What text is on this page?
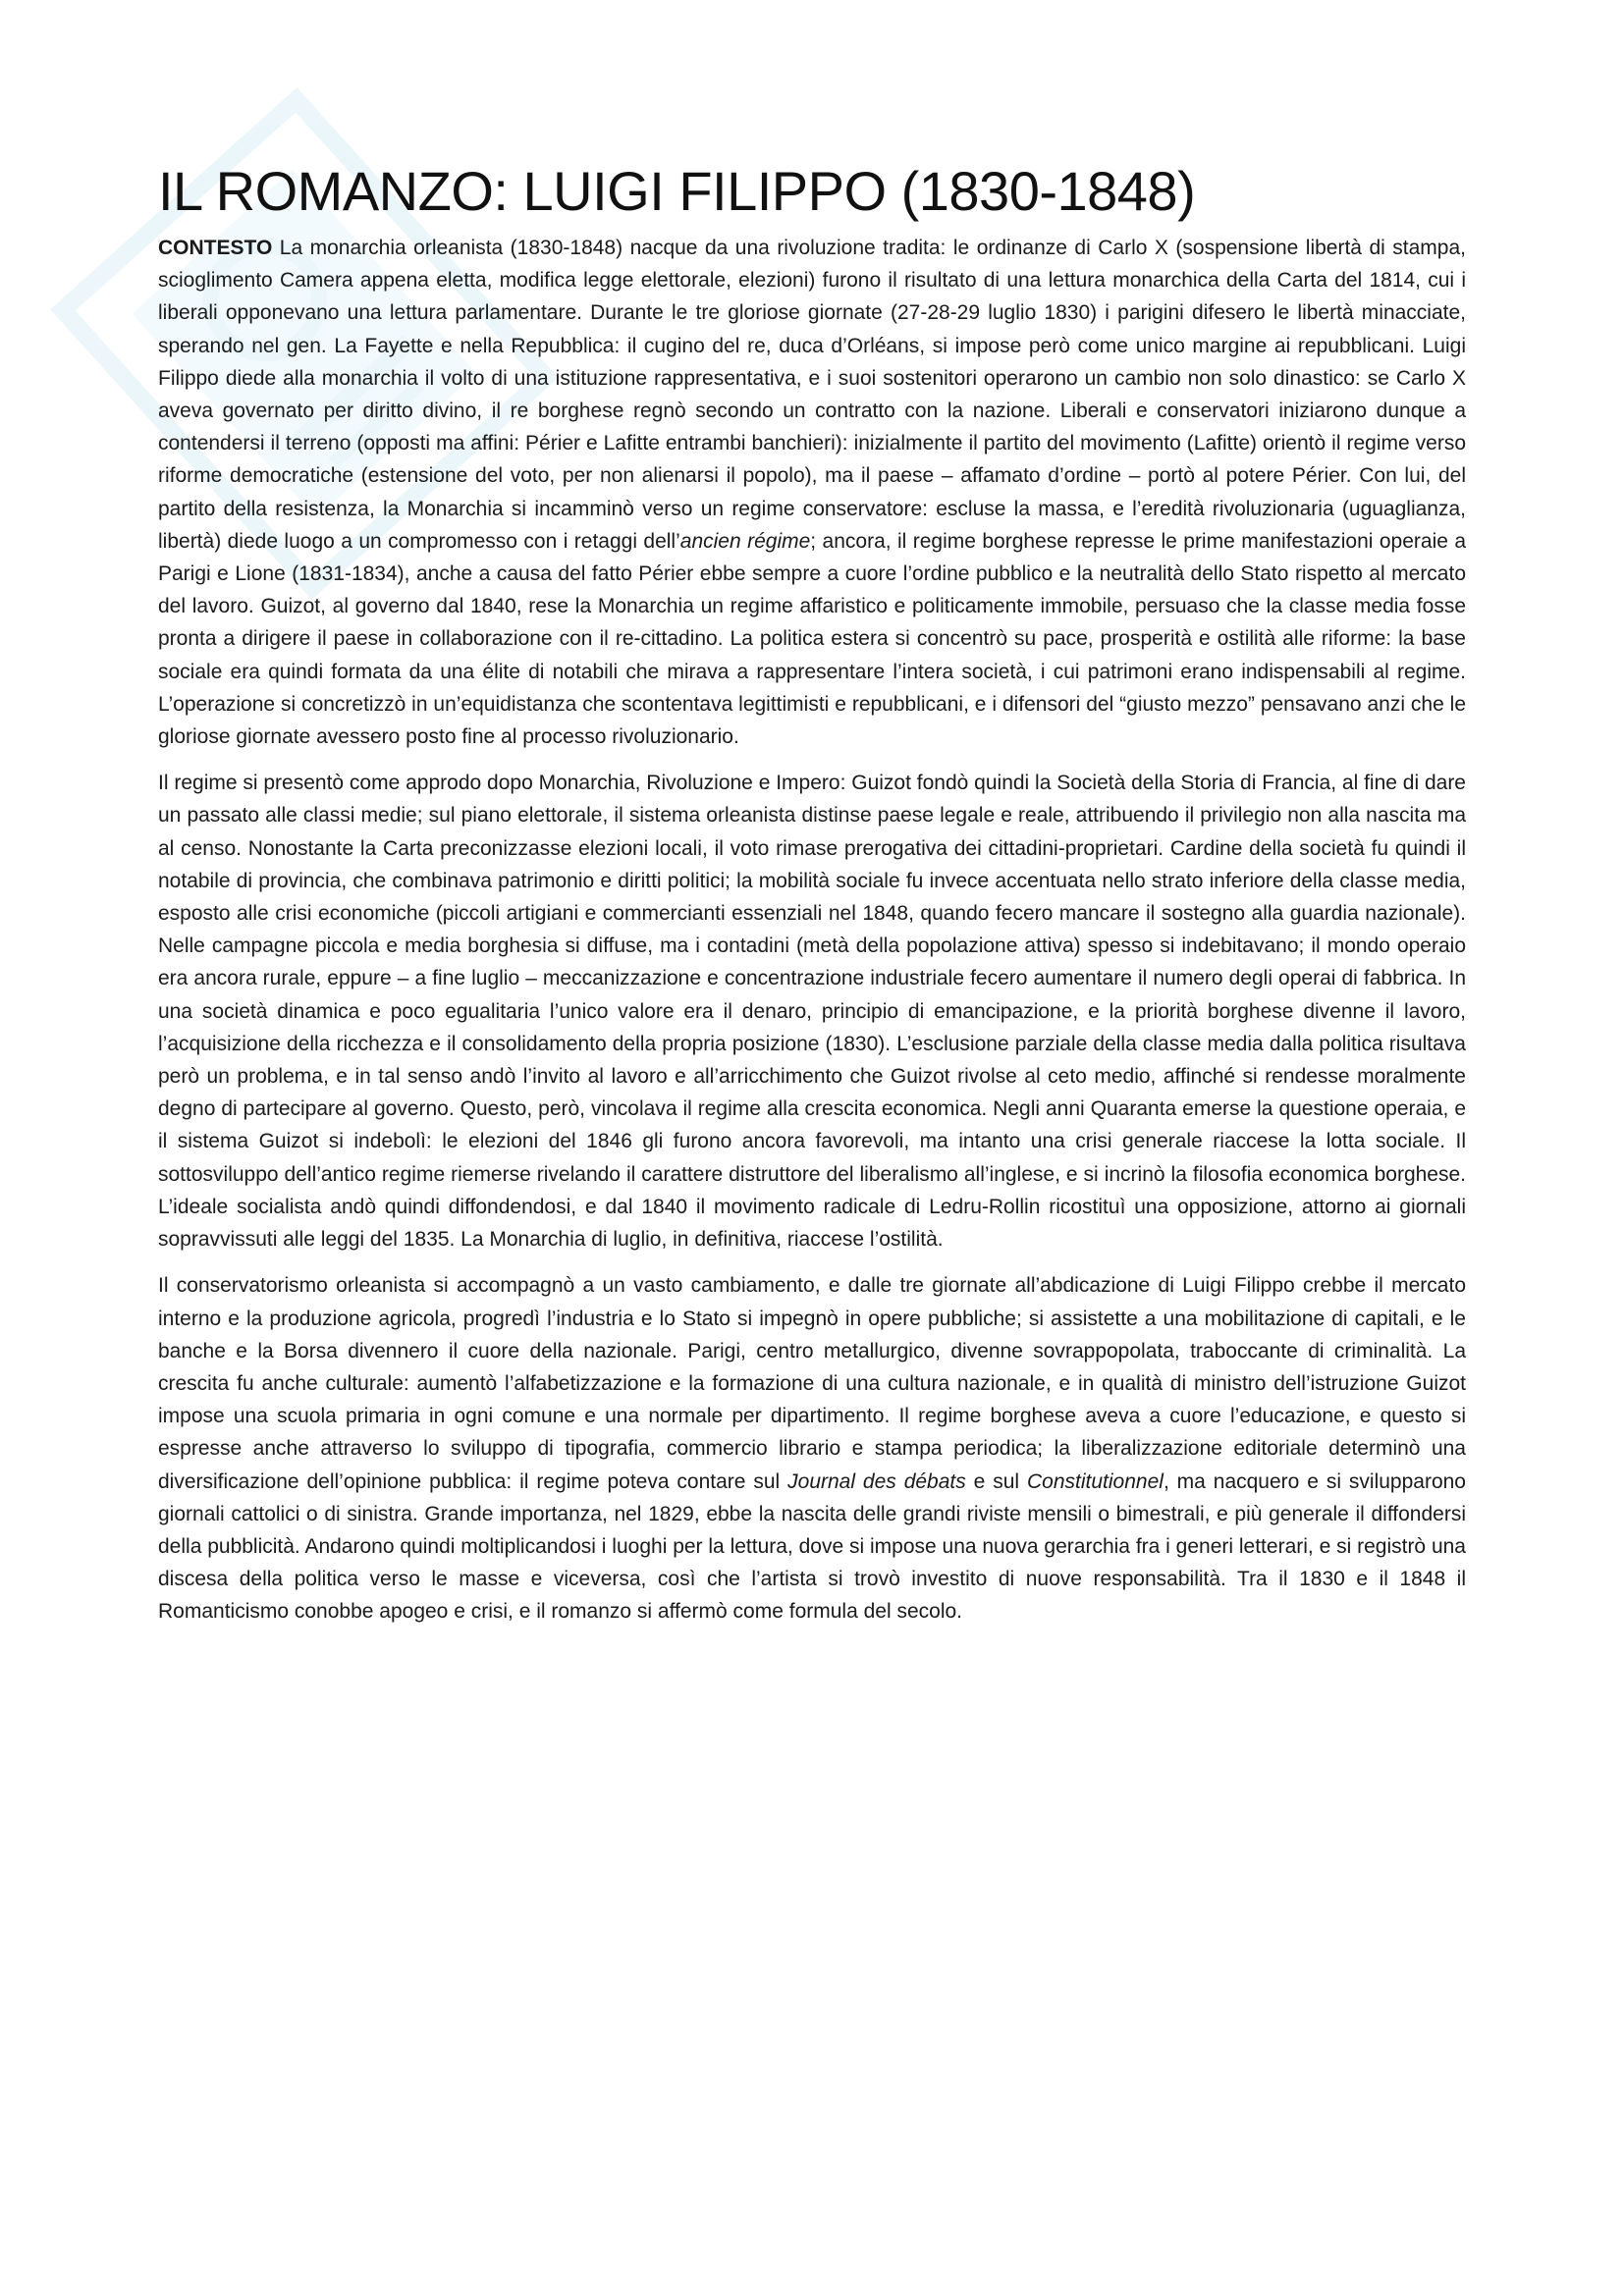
IL ROMANZO: LUIGI FILIPPO (1830-1848)

CONTESTO La monarchia orleanista (1830-1848) nacque da una rivoluzione tradita: le ordinanze di Carlo X (sospensione libertà di stampa, scioglimento Camera appena eletta, modifica legge elettorale, elezioni) furono il risultato di una lettura monarchica della Carta del 1814, cui i liberali opponevano una lettura parlamentare. Durante le tre gloriose giornate (27-28-29 luglio 1830) i parigini difesero le libertà minacciate, sperando nel gen. La Fayette e nella Repubblica: il cugino del re, duca d’Orléans, si impose però come unico margine ai repubblicani. Luigi Filippo diede alla monarchia il volto di una istituzione rappresentativa, e i suoi sostenitori operarono un cambio non solo dinastico: se Carlo X aveva governato per diritto divino, il re borghese regnò secondo un contratto con la nazione. Liberali e conservatori iniziarono dunque a contendersi il terreno (opposti ma affini: Périer e Lafitte entrambi banchieri): inizialmente il partito del movimento (Lafitte) orientò il regime verso riforme democratiche (estensione del voto, per non alienarsi il popolo), ma il paese – affamato d’ordine – portò al potere Périer. Con lui, del partito della resistenza, la Monarchia si incamminò verso un regime conservatore: escluse la massa, e l’eredità rivoluzionaria (uguaglianza, libertà) diede luogo a un compromesso con i retaggi dell’ancien régime; ancora, il regime borghese represse le prime manifestazioni operaie a Parigi e Lione (1831-1834), anche a causa del fatto Périer ebbe sempre a cuore l’ordine pubblico e la neutralità dello Stato rispetto al mercato del lavoro. Guizot, al governo dal 1840, rese la Monarchia un regime affaristico e politicamente immobile, persuaso che la classe media fosse pronta a dirigere il paese in collaborazione con il re-cittadino. La politica estera si concentrò su pace, prosperità e ostilità alle riforme: la base sociale era quindi formata da una élite di notabili che mirava a rappresentare l’intera società, i cui patrimoni erano indispensabili al regime. L’operazione si concretizzò in un’equidistanza che scontentava legittimisti e repubblicani, e i difensori del “giusto mezzo” pensavano anzi che le gloriose giornate avessero posto fine al processo rivoluzionario.

Il regime si presentò come approdo dopo Monarchia, Rivoluzione e Impero: Guizot fondò quindi la Società della Storia di Francia, al fine di dare un passato alle classi medie; sul piano elettorale, il sistema orleanista distinse paese legale e reale, attribuendo il privilegio non alla nascita ma al censo. Nonostante la Carta preconizzasse elezioni locali, il voto rimase prerogativa dei cittadini-proprietari. Cardine della società fu quindi il notabile di provincia, che combinava patrimonio e diritti politici; la mobilità sociale fu invece accentuata nello strato inferiore della classe media, esposto alle crisi economiche (piccoli artigiani e commercianti essenziali nel 1848, quando fecero mancare il sostegno alla guardia nazionale). Nelle campagne piccola e media borghesia si diffuse, ma i contadini (metà della popolazione attiva) spesso si indebitavano; il mondo operaio era ancora rurale, eppure – a fine luglio – meccanizzazione e concentrazione industriale fecero aumentare il numero degli operai di fabbrica. In una società dinamica e poco egualitaria l’unico valore era il denaro, principio di emancipazione, e la priorità borghese divenne il lavoro, l’acquisizione della ricchezza e il consolidamento della propria posizione (1830). L’esclusione parziale della classe media dalla politica risultava però un problema, e in tal senso andò l’invito al lavoro e all’arricchimento che Guizot rivolse al ceto medio, affinché si rendesse moralmente degno di partecipare al governo. Questo, però, vincolava il regime alla crescita economica. Negli anni Quaranta emerse la questione operaia, e il sistema Guizot si indebolì: le elezioni del 1846 gli furono ancora favorevoli, ma intanto una crisi generale riaccese la lotta sociale. Il sottosviluppo dell’antico regime riemerse rivelando il carattere distruttore del liberalismo all’inglese, e si incrinò la filosofia economica borghese. L’ideale socialista andò quindi diffondendosi, e dal 1840 il movimento radicale di Ledru-Rollin ricostituì una opposizione, attorno ai giornali sopravvissuti alle leggi del 1835. La Monarchia di luglio, in definitiva, riaccese l’ostilità.

Il conservatorismo orleanista si accompagnò a un vasto cambiamento, e dalle tre giornate all’abdicazione di Luigi Filippo crebbe il mercato interno e la produzione agricola, progredì l’industria e lo Stato si impegnò in opere pubbliche; si assistette a una mobilitazione di capitali, e le banche e la Borsa divennero il cuore della nazionale. Parigi, centro metallurgico, divenne sovrappopolata, traboccante di criminalità. La crescita fu anche culturale: aumentò l’alfabetizzazione e la formazione di una cultura nazionale, e in qualità di ministro dell’istruzione Guizot impose una scuola primaria in ogni comune e una normale per dipartimento. Il regime borghese aveva a cuore l’educazione, e questo si espresse anche attraverso lo sviluppo di tipografia, commercio librario e stampa periodica; la liberalizzazione editoriale determinò una diversificazione dell’opinione pubblica: il regime poteva contare sul Journal des débats e sul Constitutionnel, ma nacquero e si svilupparono giornali cattolici o di sinistra. Grande importanza, nel 1829, ebbe la nascita delle grandi riviste mensili o bimestrali, e più generale il diffondersi della pubblicità. Andarono quindi moltiplicandosi i luoghi per la lettura, dove si impose una nuova gerarchia fra i generi letterari, e si registrò una discesa della politica verso le masse e viceversa, così che l’artista si trovò investito di nuove responsabilità. Tra il 1830 e il 1848 il Romanticismo conobbe apogeo e crisi, e il romanzo si affermò come formula del secolo.
